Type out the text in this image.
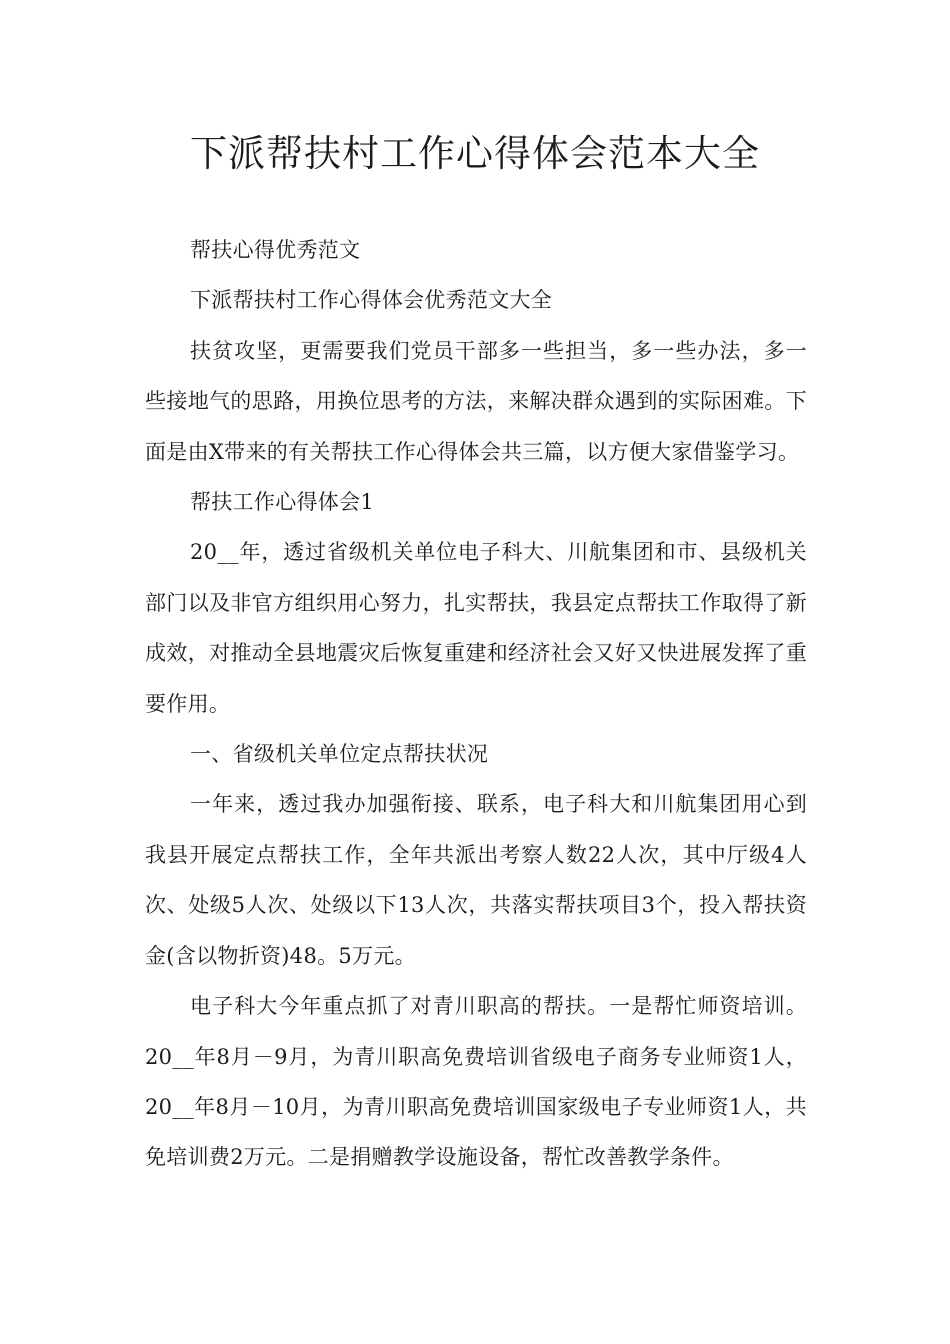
下派帮扶村工作心得体会范本大全

帮扶心得优秀范文

下派帮扶村工作心得体会优秀范文大全

扶贫攻坚，更需要我们党员干部多一些担当，多一些办法，多一些接地气的思路，用换位思考的方法，来解决群众遇到的实际困难。下面是由X带来的有关帮扶工作心得体会共三篇，以方便大家借鉴学习。

帮扶工作心得体会1

20__年，透过省级机关单位电子科大、川航集团和市、县级机关部门以及非官方组织用心努力，扎实帮扶，我县定点帮扶工作取得了新成效，对推动全县地震灾后恢复重建和经济社会又好又快进展发挥了重要作用。

一、省级机关单位定点帮扶状况

一年来，透过我办加强衔接、联系，电子科大和川航集团用心到我县开展定点帮扶工作，全年共派出考察人数22人次，其中厅级4人次、处级5人次、处级以下13人次，共落实帮扶项目3个，投入帮扶资金(含以物折资)48。5万元。

电子科大今年重点抓了对青川职高的帮扶。一是帮忙师资培训。20__年8月－9月，为青川职高免费培训省级电子商务专业师资1人，20__年8月－10月，为青川职高免费培训国家级电子专业师资1人，共免培训费2万元。二是捐赠教学设施设备，帮忙改善教学条件。
